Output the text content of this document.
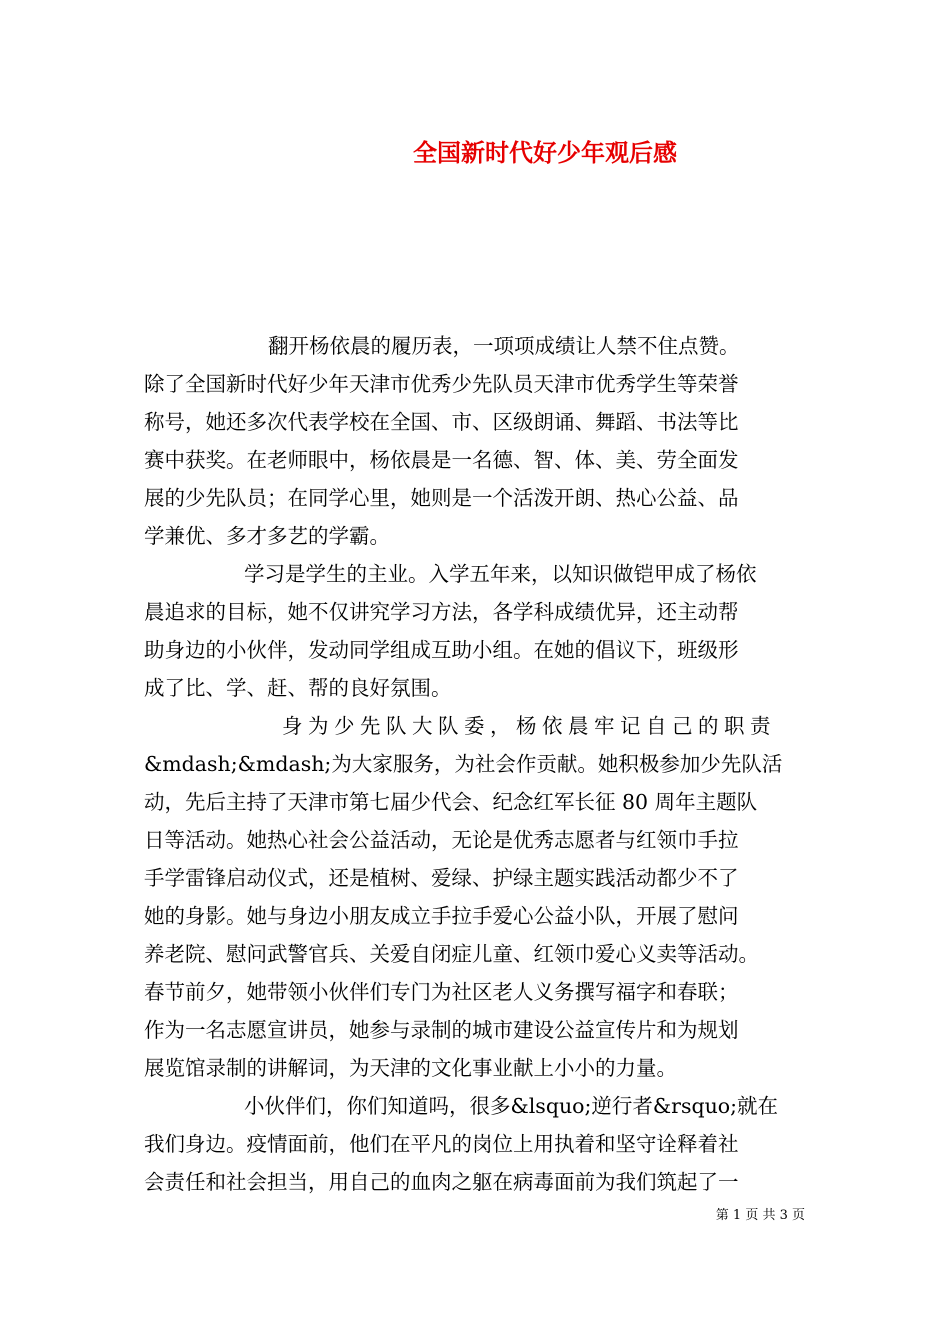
全国新时代好少年观后感
翻开杨依晨的履历表，一项项成绩让人禁不住点赞。
除了全国新时代好少年天津市优秀少先队员天津市优秀学生等荣誉
称号，她还多次代表学校在全国、市、区级朗诵、舞蹈、书法等比
赛中获奖。在老师眼中，杨依晨是一名德、智、体、美、劳全面发
展的少先队员；在同学心里，她则是一个活泼开朗、热心公益、品
学兼优、多才多艺的学霸。
学习是学生的主业。入学五年来，以知识做铠甲成了杨依
晨追求的目标，她不仅讲究学习方法，各学科成绩优异，还主动帮
助身边的小伙伴，发动同学组成互助小组。在她的倡议下，班级形
成了比、学、赶、帮的良好氛围。
身为少先队大队委，杨依晨牢记自己的职责
&mdash;&mdash;为大家服务，为社会作贡献。她积极参加少先队活
动，先后主持了天津市第七届少代会、纪念红军长征 80 周年主题队
日等活动。她热心社会公益活动，无论是优秀志愿者与红领巾手拉
手学雷锋启动仪式，还是植树、爱绿、护绿主题实践活动都少不了
她的身影。她与身边小朋友成立手拉手爱心公益小队，开展了慰问
养老院、慰问武警官兵、关爱自闭症儿童、红领巾爱心义卖等活动。
春节前夕，她带领小伙伴们专门为社区老人义务撰写福字和春联；
作为一名志愿宣讲员，她参与录制的城市建设公益宣传片和为规划
展览馆录制的讲解词，为天津的文化事业献上小小的力量。
小伙伴们，你们知道吗，很多&lsquo;逆行者&rsquo;就在
我们身边。疫情面前，他们在平凡的岗位上用执着和坚守诠释着社
会责任和社会担当，用自己的血肉之躯在病毒面前为我们筑起了一
第 1 页 共 3 页
